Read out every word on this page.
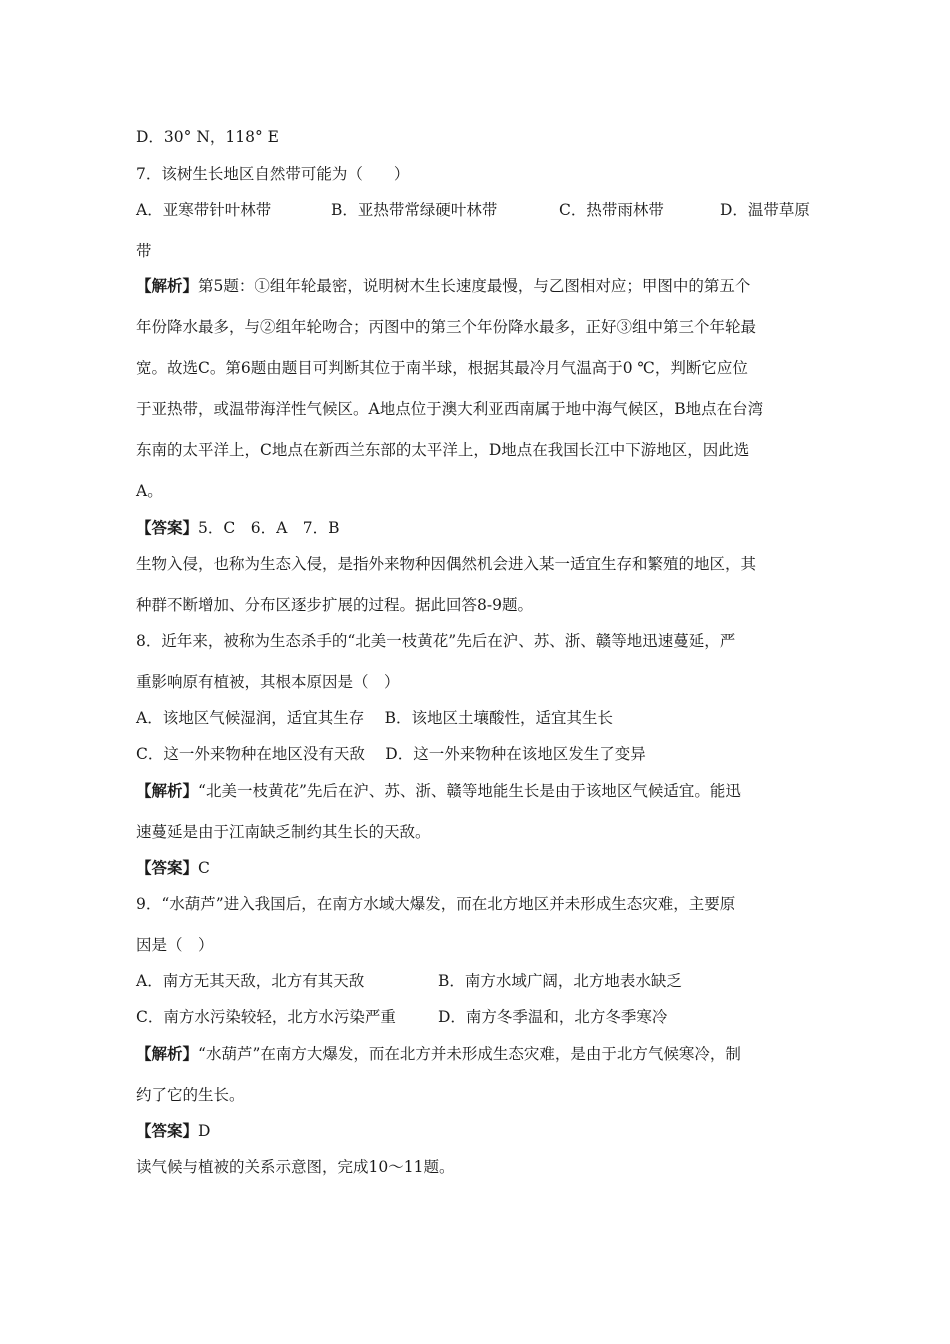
D．30° N，118° E
7．该树生长地区自然带可能为（　　）
A．亚寒带针叶林带	B．亚热带常绿硬叶林带	C．热带雨林带	D．温带草原
带
【解析】第5题：①组年轮最密，说明树木生长速度最慢，与乙图相对应；甲图中的第五个
年份降水最多，与②组年轮吻合；丙图中的第三个年份降水最多，正好③组中第三个年轮最
宽。故选C。第6题由题目可判断其位于南半球，根据其最冷月气温高于0 ℃，判断它应位
于亚热带，或温带海洋性气候区。A地点位于澳大利亚西南属于地中海气候区，B地点在台湾
东南的太平洋上，C地点在新西兰东部的太平洋上，D地点在我国长江中下游地区，因此选
A。
【答案】5．C　6．A　7．B
生物入侵，也称为生态入侵，是指外来物种因偶然机会进入某一适宜生存和繁殖的地区，其
种群不断增加、分布区逐步扩展的过程。据此回答8-9题。
8．近年来，被称为生态杀手的“北美一枝黄花”先后在沪、苏、浙、赣等地迅速蔓延，严
重影响原有植被，其根本原因是（　）
A．该地区气候湿润，适宜其生存　 B．该地区土壤酸性，适宜其生长
C．这一外来物种在地区没有天敌　 D．这一外来物种在该地区发生了变异
【解析】“北美一枝黄花”先后在沪、苏、浙、赣等地能生长是由于该地区气候适宜。能迅
速蔓延是由于江南缺乏制约其生长的天敌。
【答案】C
9．“水葫芦”进入我国后，在南方水域大爆发，而在北方地区并未形成生态灾难，主要原
因是（　）
A．南方无其天敌，北方有其天敌	B．南方水域广阔，北方地表水缺乏
C．南方水污染较轻，北方水污染严重	D．南方冬季温和，北方冬季寒冷
【解析】“水葫芦”在南方大爆发，而在北方并未形成生态灾难，是由于北方气候寒冷，制
约了它的生长。
【答案】D
读气候与植被的关系示意图，完成10～11题。
